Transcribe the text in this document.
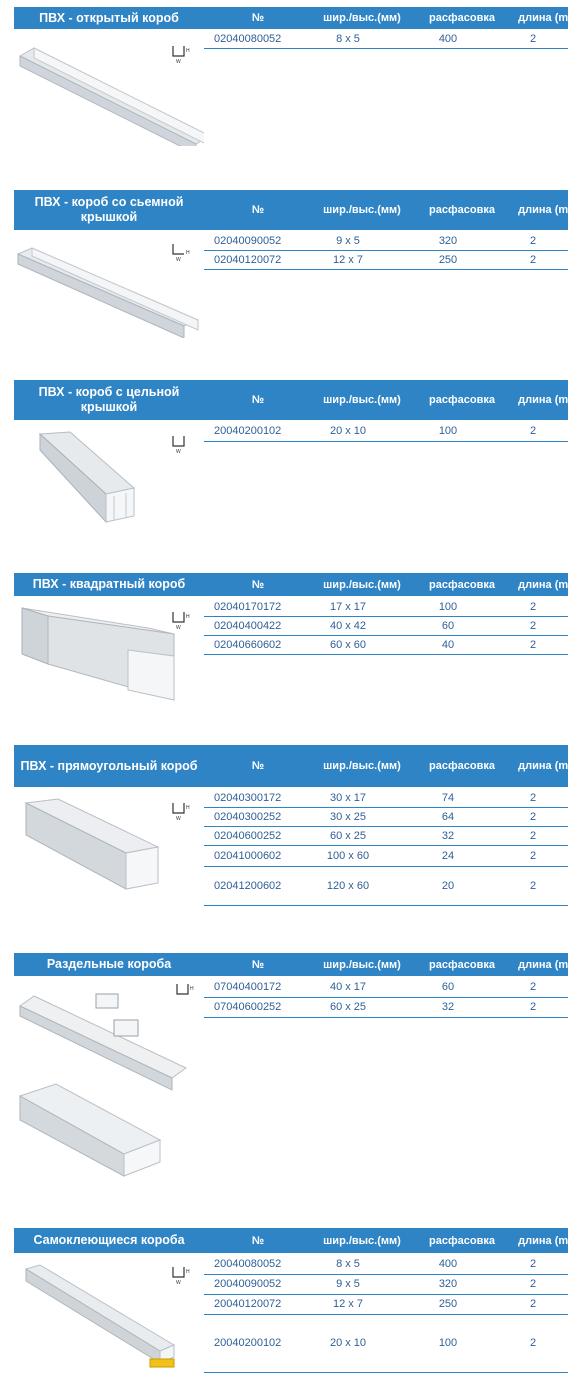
ПВХ - открытый короб	№	шир./выс.(мм)	расфасовка	длина (m)
H
W
02040080052	8 x 5	400	2
ПВХ - короб со сьемной крышкой	№	шир./выс.(мм)	расфасовка	длина (m)
H
W
02040090052	9 x 5	320	2
02040120072	12 x 7	250	2
ПВХ - короб с цельной крышкой	№	шир./выс.(мм)	расфасовка	длина (m)
W
20040200102	20 x 10	100	2
ПВХ - квадратный короб	№	шир./выс.(мм)	расфасовка	длина (m)
H
W
02040170172	17 x 17	100	2
02040400422	40 x 42	60	2
02040660602	60 x 60	40	2
ПВХ - прямоугольный короб	№	шир./выс.(мм)	расфасовка	длина (m)
H
W
02040300172	30 x 17	74	2
02040300252	30 x 25	64	2
02040600252	60 x 25	32	2
02041000602	100 x 60	24	2
02041200602	120 x 60	20	2
Раздельные короба	№	шир./выс.(мм)	расфасовка	длина (m)
H 07040400172	40 x 17	60	2
07040600252	60 x 25	32	2
Самоклеющиеся короба	№	шир./выс.(мм)	расфасовка	длина (m)
H
W
20040080052	8 x 5	400	2
20040090052	9 x 5	320	2
20040120072	12 x 7	250	2
20040200102	20 x 10	100	2
